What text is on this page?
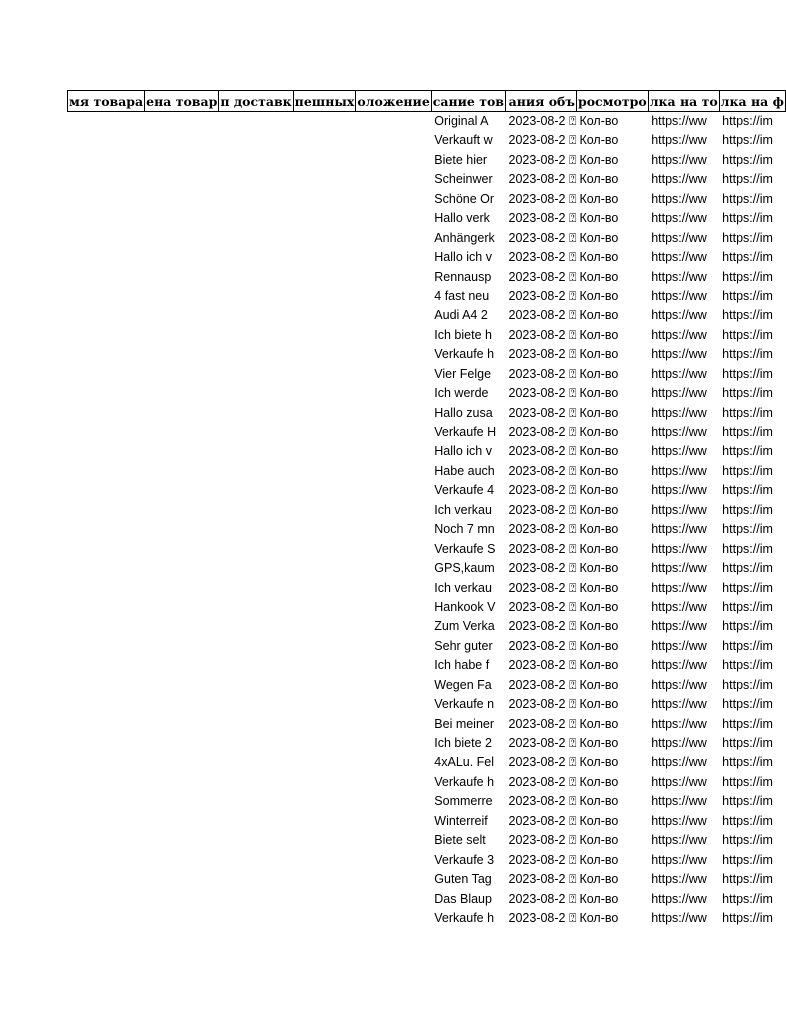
мя товара	ена товар	п доставк	пешных	оложение	сание тов	ания объ	росмотро	лка на то	лка на ф
					Original A	2023-08-2 ⍰	Кол-во	https://ww	https://im
					Verkauft w	2023-08-2 ⍰	Кол-во	https://ww	https://im
					Biete hier	2023-08-2 ⍰	Кол-во	https://ww	https://im
					Scheinwer	2023-08-2 ⍰	Кол-во	https://ww	https://im
					Schöne Or	2023-08-2 ⍰	Кол-во	https://ww	https://im
					Hallo verk	2023-08-2 ⍰	Кол-во	https://ww	https://im
					Anhängerk	2023-08-2 ⍰	Кол-во	https://ww	https://im
					Hallo ich v	2023-08-2 ⍰	Кол-во	https://ww	https://im
					Rennausp	2023-08-2 ⍰	Кол-во	https://ww	https://im
					4 fast neu	2023-08-2 ⍰	Кол-во	https://ww	https://im
					Audi A4 2	2023-08-2 ⍰	Кол-во	https://ww	https://im
					Ich biete h	2023-08-2 ⍰	Кол-во	https://ww	https://im
					Verkaufe h	2023-08-2 ⍰	Кол-во	https://ww	https://im
					Vier Felge	2023-08-2 ⍰	Кол-во	https://ww	https://im
					Ich werde	2023-08-2 ⍰	Кол-во	https://ww	https://im
					Hallo zusa	2023-08-2 ⍰	Кол-во	https://ww	https://im
					Verkaufe H	2023-08-2 ⍰	Кол-во	https://ww	https://im
					Hallo ich v	2023-08-2 ⍰	Кол-во	https://ww	https://im
					Habe auch	2023-08-2 ⍰	Кол-во	https://ww	https://im
					Verkaufe 4	2023-08-2 ⍰	Кол-во	https://ww	https://im
					Ich verkau	2023-08-2 ⍰	Кол-во	https://ww	https://im
					Noch 7 mn	2023-08-2 ⍰	Кол-во	https://ww	https://im
					Verkaufe S	2023-08-2 ⍰	Кол-во	https://ww	https://im
					GPS,kaum	2023-08-2 ⍰	Кол-во	https://ww	https://im
					Ich verkau	2023-08-2 ⍰	Кол-во	https://ww	https://im
					Hankook V	2023-08-2 ⍰	Кол-во	https://ww	https://im
					Zum Verka	2023-08-2 ⍰	Кол-во	https://ww	https://im
					Sehr guter	2023-08-2 ⍰	Кол-во	https://ww	https://im
					Ich habe f	2023-08-2 ⍰	Кол-во	https://ww	https://im
					Wegen Fa	2023-08-2 ⍰	Кол-во	https://ww	https://im
					Verkaufe n	2023-08-2 ⍰	Кол-во	https://ww	https://im
					Bei meiner	2023-08-2 ⍰	Кол-во	https://ww	https://im
					Ich biete 2	2023-08-2 ⍰	Кол-во	https://ww	https://im
					4xALu. Fel	2023-08-2 ⍰	Кол-во	https://ww	https://im
					Verkaufe h	2023-08-2 ⍰	Кол-во	https://ww	https://im
					Sommerre	2023-08-2 ⍰	Кол-во	https://ww	https://im
					Winterreif	2023-08-2 ⍰	Кол-во	https://ww	https://im
					Biete selt	2023-08-2 ⍰	Кол-во	https://ww	https://im
					Verkaufe 3	2023-08-2 ⍰	Кол-во	https://ww	https://im
					Guten Tag	2023-08-2 ⍰	Кол-во	https://ww	https://im
					Das Blaup	2023-08-2 ⍰	Кол-во	https://ww	https://im
					Verkaufe h	2023-08-2 ⍰	Кол-во	https://ww	https://im
